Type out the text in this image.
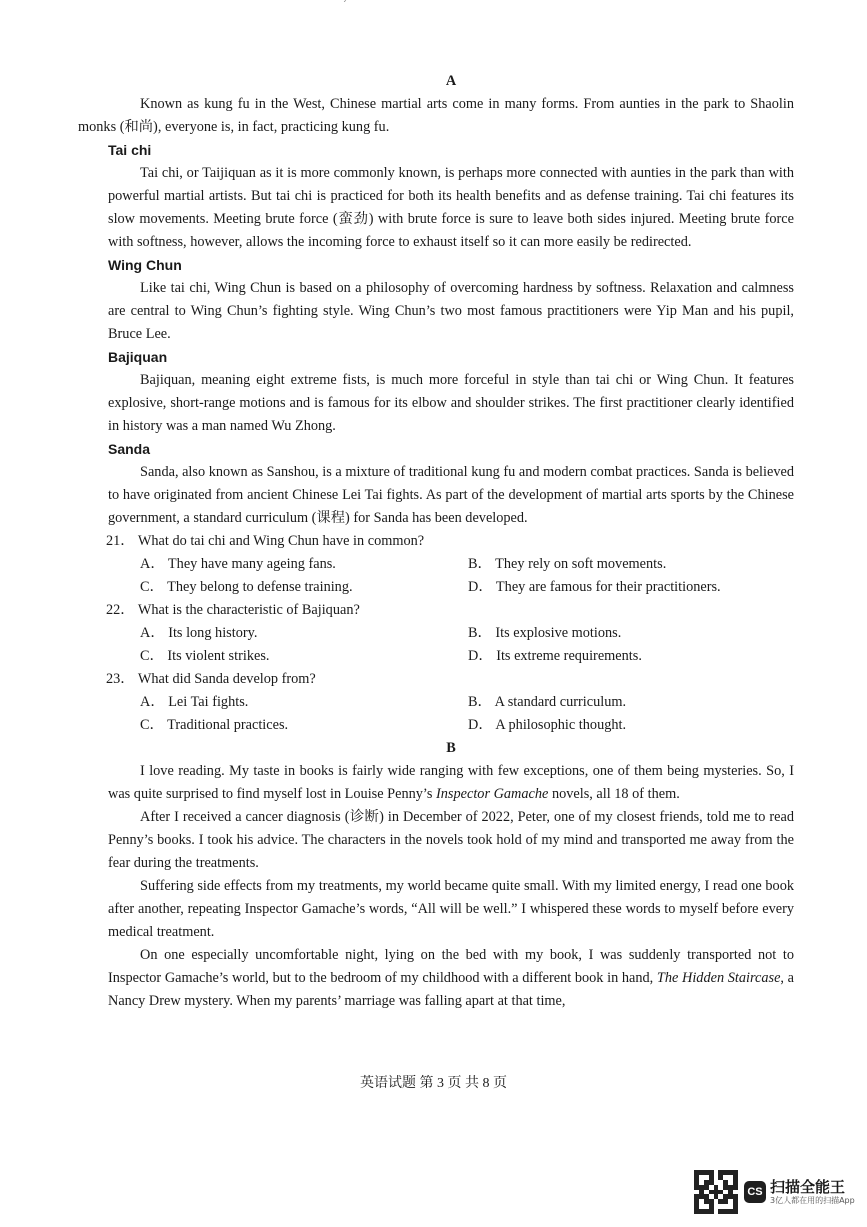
ˊ
A

Known as kung fu in the West, Chinese martial arts come in many forms. From aunties in the park to Shaolin monks (和尚), everyone is, in fact, practicing kung fu.

Tai chi

Tai chi, or Taijiquan as it is more commonly known, is perhaps more connected with aunties in the park than with powerful martial artists. But tai chi is practiced for both its health benefits and as defense training. Tai chi features its slow movements. Meeting brute force (蛮劲) with brute force is sure to leave both sides injured. Meeting brute force with softness, however, allows the incoming force to exhaust itself so it can more easily be redirected.

Wing Chun

Like tai chi, Wing Chun is based on a philosophy of overcoming hardness by softness. Relaxation and calmness are central to Wing Chun’s fighting style. Wing Chun’s two most famous practitioners were Yip Man and his pupil, Bruce Lee.

Bajiquan

Bajiquan, meaning eight extreme fists, is much more forceful in style than tai chi or Wing Chun. It features explosive, short-range motions and is famous for its elbow and shoulder strikes. The first practitioner clearly identified in history was a man named Wu Zhong.

Sanda

Sanda, also known as Sanshou, is a mixture of traditional kung fu and modern combat practices. Sanda is believed to have originated from ancient Chinese Lei Tai fights. As part of the development of martial arts sports by the Chinese government, a standard curriculum (课程) for Sanda has been developed.

21． What do tai chi and Wing Chun have in common?
A． They have many ageing fans.	B． They rely on soft movements.
C． They belong to defense training.	D． They are famous for their practitioners.
22． What is the characteristic of Bajiquan?
A． Its long history.	B． Its explosive motions.
C． Its violent strikes.	D． Its extreme requirements.
23． What did Sanda develop from?
A． Lei Tai fights.	B． A standard curriculum.
C． Traditional practices.	D． A philosophic thought.
B

I love reading. My taste in books is fairly wide ranging with few exceptions, one of them being mysteries. So, I was quite surprised to find myself lost in Louise Penny’s Inspector Gamache novels, all 18 of them.

After I received a cancer diagnosis (诊断) in December of 2022, Peter, one of my closest friends, told me to read Penny’s books. I took his advice. The characters in the novels took hold of my mind and transported me away from the fear during the treatments.

Suffering side effects from my treatments, my world became quite small. With my limited energy, I read one book after another, repeating Inspector Gamache’s words, “All will be well.” I whispered these words to myself before every medical treatment.

On one especially uncomfortable night, lying on the bed with my book, I was suddenly transported not to Inspector Gamache’s world, but to the bedroom of my childhood with a different book in hand, The Hidden Staircase, a Nancy Drew mystery. When my parents’ marriage was falling apart at that time,

英语试题 第 3 页 共 8 页
CS 扫描全能王
3亿人都在用的扫描App
